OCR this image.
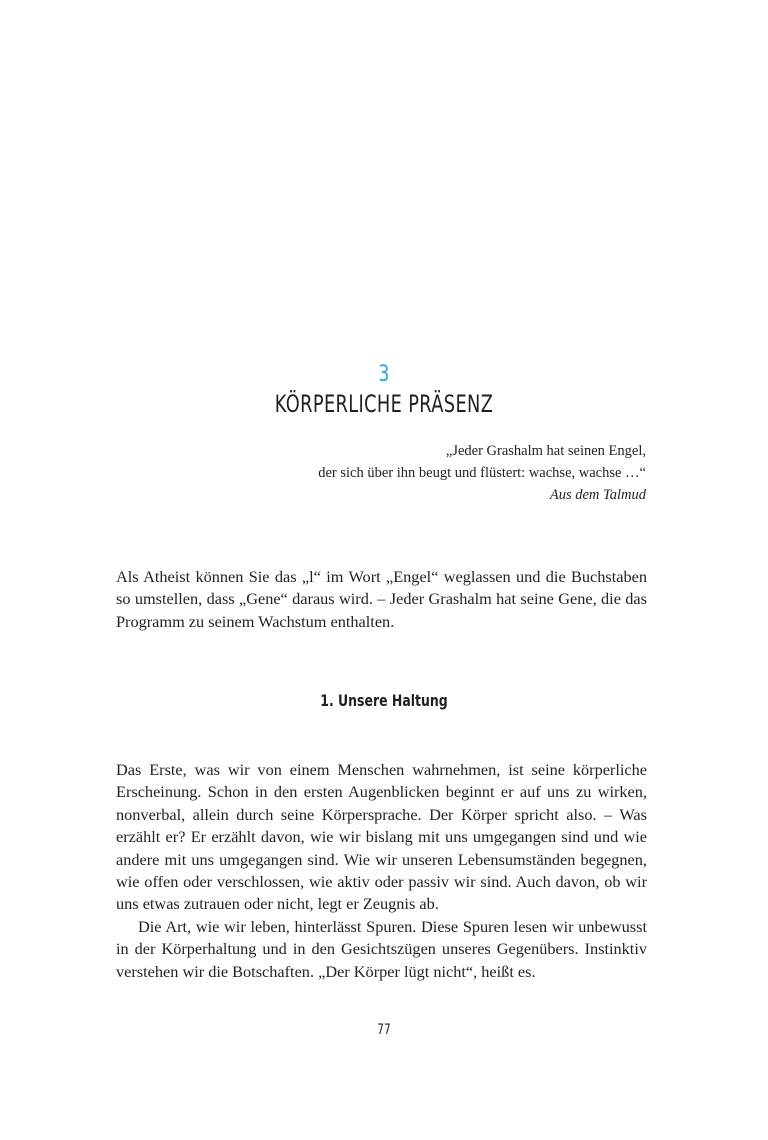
3
KÖRPERLICHE PRÄSENZ
„Jeder Grashalm hat seinen Engel,
der sich über ihn beugt und flüstert: wachse, wachse …“
Aus dem Talmud

Als Atheist können Sie das „l“ im Wort „Engel“ weglassen und die Buchstaben so umstellen, dass „Gene“ daraus wird. – Jeder Grashalm hat seine Gene, die das Programm zu seinem Wachstum enthalten.

1. Unsere Haltung

Das Erste, was wir von einem Menschen wahrnehmen, ist seine körperliche Erscheinung. Schon in den ersten Augenblicken beginnt er auf uns zu wirken, nonverbal, allein durch seine Körpersprache. Der Körper spricht also. – Was erzählt er? Er erzählt davon, wie wir bislang mit uns umgegangen sind und wie andere mit uns umgegangen sind. Wie wir unseren Lebensumständen begegnen, wie offen oder verschlossen, wie aktiv oder passiv wir sind. Auch davon, ob wir uns etwas zutrauen oder nicht, legt er Zeugnis ab.

Die Art, wie wir leben, hinterlässt Spuren. Diese Spuren lesen wir unbewusst in der Körperhaltung und in den Gesichtszügen unseres Gegenübers. Instinktiv verstehen wir die Botschaften. „Der Körper lügt nicht“, heißt es.

77
